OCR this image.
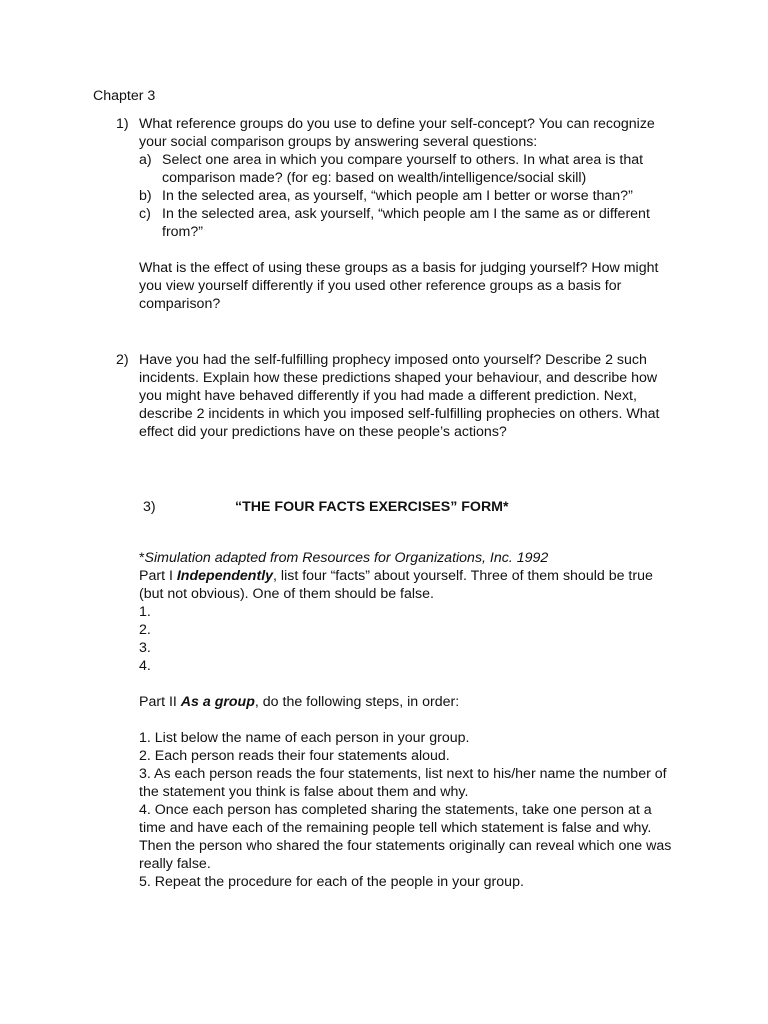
Chapter 3
1) What reference groups do you use to define your self-concept? You can recognize your social comparison groups by answering several questions:
a) Select one area in which you compare yourself to others. In what area is that comparison made? (for eg: based on wealth/intelligence/social skill)
b) In the selected area, as yourself, “which people am I better or worse than?”
c) In the selected area, ask yourself, “which people am I the same as or different from?”
What is the effect of using these groups as a basis for judging yourself? How might you view yourself differently if you used other reference groups as a basis for comparison?
2) Have you had the self-fulfilling prophecy imposed onto yourself? Describe 2 such incidents. Explain how these predictions shaped your behaviour, and describe how you might have behaved differently if you had made a different prediction. Next, describe 2 incidents in which you imposed self-fulfilling prophecies on others. What effect did your predictions have on these people’s actions?
3)	“THE FOUR FACTS EXERCISES” FORM*
*Simulation adapted from Resources for Organizations, Inc. 1992
Part I Independently, list four “facts” about yourself. Three of them should be true (but not obvious). One of them should be false.
1.
2.
3.
4.
Part II As a group, do the following steps, in order:
1. List below the name of each person in your group.
2. Each person reads their four statements aloud.
3. As each person reads the four statements, list next to his/her name the number of the statement you think is false about them and why.
4. Once each person has completed sharing the statements, take one person at a time and have each of the remaining people tell which statement is false and why. Then the person who shared the four statements originally can reveal which one was really false.
5. Repeat the procedure for each of the people in your group.
